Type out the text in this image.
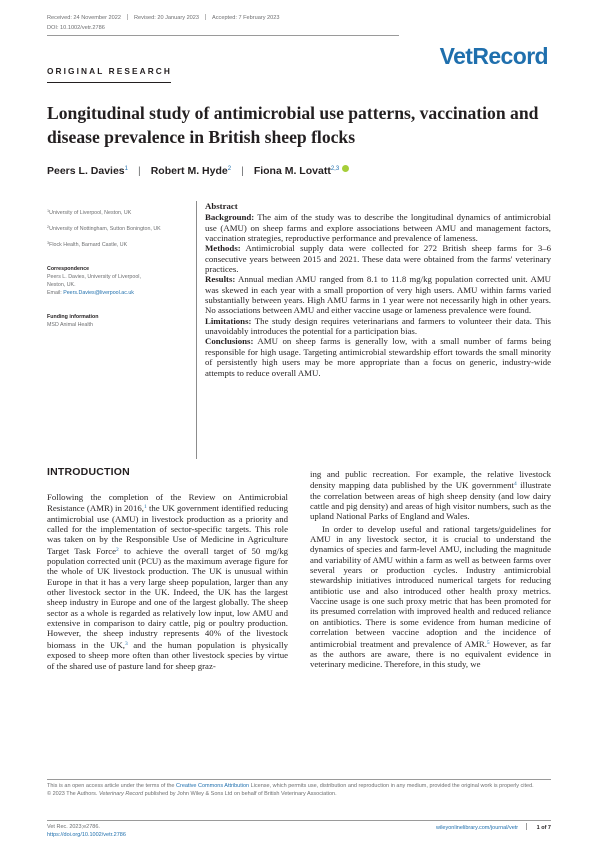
Received: 24 November 2022 Revised: 20 January 2023 Accepted: 7 February 2023
DOI: 10.1002/vetr.2786
VetRecord
ORIGINAL RESEARCH
Longitudinal study of antimicrobial use patterns, vaccination and disease prevalence in British sheep flocks
Peers L. Davies$^1$ | Robert M. Hyde$^2$ | Fiona M. Lovatt$^{2,3}$
$^1$University of Liverpool, Neston, UK
$^2$University of Nottingham, Sutton Bonington, UK
$^3$Flock Health, Barnard Castle, UK
Correspondence
Peers L. Davies, University of Liverpool,
Neston, UK.
Email: Peers.Davies@liverpool.ac.uk
Funding information
MSD Animal Health
Abstract

Background: The aim of the study was to describe the longitudinal dynamics of antimicrobial use (AMU) on sheep farms and explore associations between AMU and management factors, vaccination strategies, reproductive performance and prevalence of lameness.

Methods: Antimicrobial supply data were collected for 272 British sheep farms for 3–6 consecutive years between 2015 and 2021. These data were obtained from the farms' veterinary practices.

Results: Annual median AMU ranged from 8.1 to 11.8 mg/kg population corrected unit. AMU was skewed in each year with a small proportion of very high users. AMU within farms varied substantially between years. High AMU farms in 1 year were not necessarily high in other years. No associations between AMU and either vaccine usage or lameness prevalence were found.

Limitations: The study design requires veterinarians and farmers to volunteer their data. This unavoidably introduces the potential for a participation bias.

Conclusions: AMU on sheep farms is generally low, with a small number of farms being responsible for high usage. Targeting antimicrobial stewardship effort towards the small minority of persistently high users may be more appropriate than a focus on generic, industry-wide attempts to reduce overall AMU.

INTRODUCTION

Following the completion of the Review on Antimicrobial Resistance (AMR) in 2016,$^1$ the UK government identified reducing antimicrobial use (AMU) in livestock production as a priority and called for the implementation of sector-specific targets. This role was taken on by the Responsible Use of Medicine in Agriculture Target Task Force$^2$ to achieve the overall target of 50 mg/kg population corrected unit (PCU) as the maximum average figure for the whole of UK livestock production. The UK is unusual within Europe in that it has a very large sheep population, larger than any other livestock sector in the UK. Indeed, the UK has the largest sheep industry in Europe and one of the largest globally. The sheep sector as a whole is regarded as relatively low input, low AMU and extensive in comparison to dairy cattle, pig or poultry production. However, the sheep industry represents 40% of the livestock biomass in the UK,$^3$ and the human population is physically exposed to sheep more often than other livestock species by virtue of the shared use of pasture land for sheep graz-

ing and public recreation. For example, the relative livestock density mapping data published by the UK government$^4$ illustrate the correlation between areas of high sheep density (and low dairy cattle and pig density) and areas of high visitor numbers, such as the upland National Parks of England and Wales.

In order to develop useful and rational targets/guidelines for AMU in any livestock sector, it is crucial to understand the dynamics of species and farm-level AMU, including the magnitude and variability of AMU within a farm as well as between farms over several years or production cycles. Industry antimicrobial stewardship initiatives introduced numerical targets for reducing antibiotic use and also introduced other health proxy metrics. Vaccine usage is one such proxy metric that has been promoted for its presumed correlation with improved health and reduced reliance on antibiotics. There is some evidence from human medicine of correlation between vaccine adoption and the incidence of antimicrobial treatment and prevalence of AMR.$^5$ However, as far as the authors are aware, there is no equivalent evidence in veterinary medicine. Therefore, in this study, we

This is an open access article under the terms of the Creative Commons Attribution License, which permits use, distribution and reproduction in any medium, provided the original work is properly cited.
© 2023 The Authors. Veterinary Record published by John Wiley & Sons Ltd on behalf of British Veterinary Association.
Vet Rec. 2023;e2786.
https://doi.org/10.1002/vetr.2786
wileyonlinelibrary.com/journal/vetr	1 of 7
